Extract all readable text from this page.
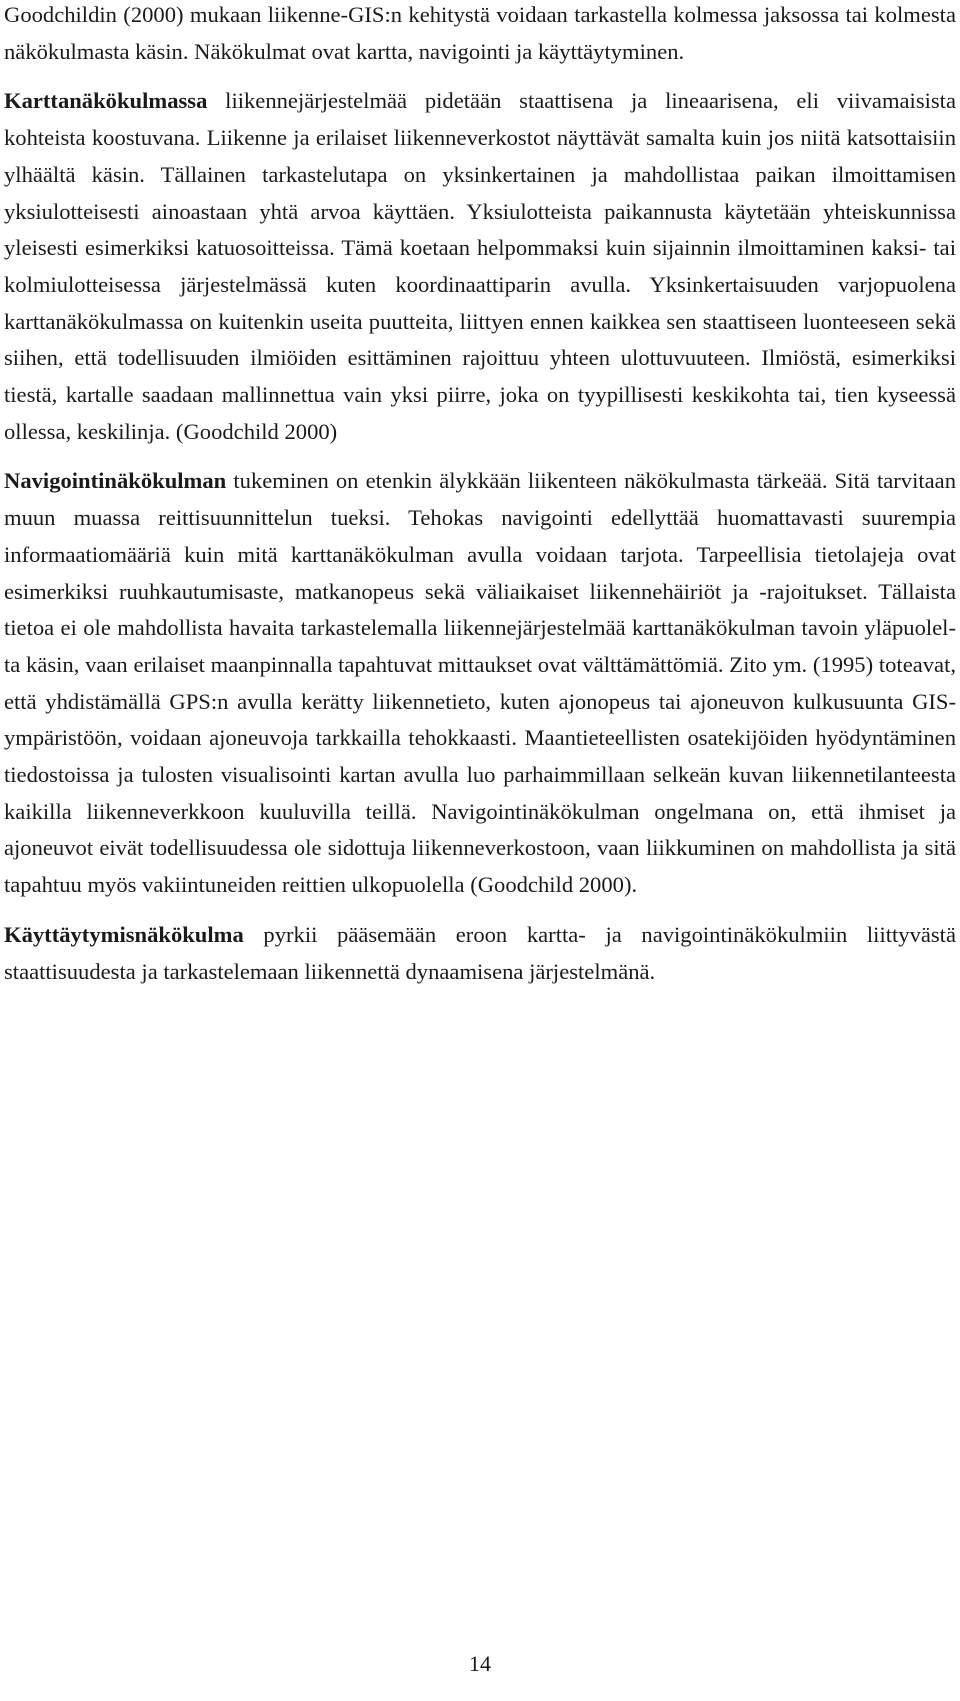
Goodchildin (2000) mukaan liikenne-GIS:n kehitystä voidaan tarkastella kolmessa jaksossa tai kolmesta näkökulmasta käsin. Näkökulmat ovat kartta, navigointi ja käyttäytyminen.

Karttanäkökulmassa liikennejärjestelmää pidetään staattisena ja lineaarisena, eli viivamaisista kohteista koostuvana. Liikenne ja erilaiset liikenneverkostot näyttävät samalta kuin jos niitä katsottaisiin ylhäältä käsin. Tällainen tarkastelutapa on yksinkertainen ja mahdollistaa paikan ilmoittamisen yksiulotteisesti ainoastaan yhtä arvoa käyttäen. Yksiulotteista paikannusta käytetään yhteiskunnissa yleisesti esimerkiksi katuosoitteissa. Tämä koetaan helpommaksi kuin sijainnin ilmoittaminen kaksi- tai kolmiulotteisessa järjestelmässä kuten koordinaattiparin avulla. Yksinkertaisuuden varjopuolena karttanäkökulmassa on kuitenkin useita puutteita, liittyen ennen kaikkea sen staattiseen luonteeseen sekä siihen, että todellisuuden ilmiöiden esittäminen rajoittuu yhteen ulottuvuuteen. Ilmiöstä, esimerkiksi tiestä, kartalle saadaan mallinnettua vain yksi piirre, joka on tyypillisesti keskikohta tai, tien kyseessä ollessa, keskilinja. (Goodchild 2000)

Navigointinäkökulman tukeminen on etenkin älykkään liikenteen näkökulmasta tärkeää. Sitä tarvitaan muun muassa reittisuunnittelun tueksi. Tehokas navigointi edellyttää huomattavasti suurempia informaatiomääriä kuin mitä karttanäkökulman avulla voidaan tarjota. Tarpeellisia tietolajeja ovat esimerkiksi ruuhkautumisaste, matkanopeus sekä väliaikaiset liikennehäiriöt ja -rajoitukset. Tällaista tietoa ei ole mahdollista havaita tarkastelemalla liikennejärjestelmää karttanäkökulman tavoin yläpuolelta käsin, vaan erilaiset maanpinnalla tapahtuvat mittaukset ovat välttämättömiä. Zito ym. (1995) toteavat, että yhdistämällä GPS:n avulla kerätty liikennetieto, kuten ajonopeus tai ajoneuvon kulkusuunta GIS-ympäristöön, voidaan ajoneuvoja tarkkailla tehokkaasti. Maantieteellisten osatekijöiden hyödyntäminen tiedostoissa ja tulosten visualisointi kartan avulla luo parhaimmillaan selkeän kuvan liikennetilanteesta kaikilla liikenneverkkoon kuuluvilla teillä. Navigointinäkökulman ongelmana on, että ihmiset ja ajoneuvot eivät todellisuudessa ole sidottuja liikenneverkostoon, vaan liikkuminen on mahdollista ja sitä tapahtuu myös vakiintuneiden reittien ulkopuolella (Goodchild 2000).

Käyttäytymisnäkökulma pyrkii pääsemään eroon kartta- ja navigointinäkökulmiin liittyvästä staattisuudesta ja tarkastelemaan liikennettä dynaamisena järjestelmänä.

14
